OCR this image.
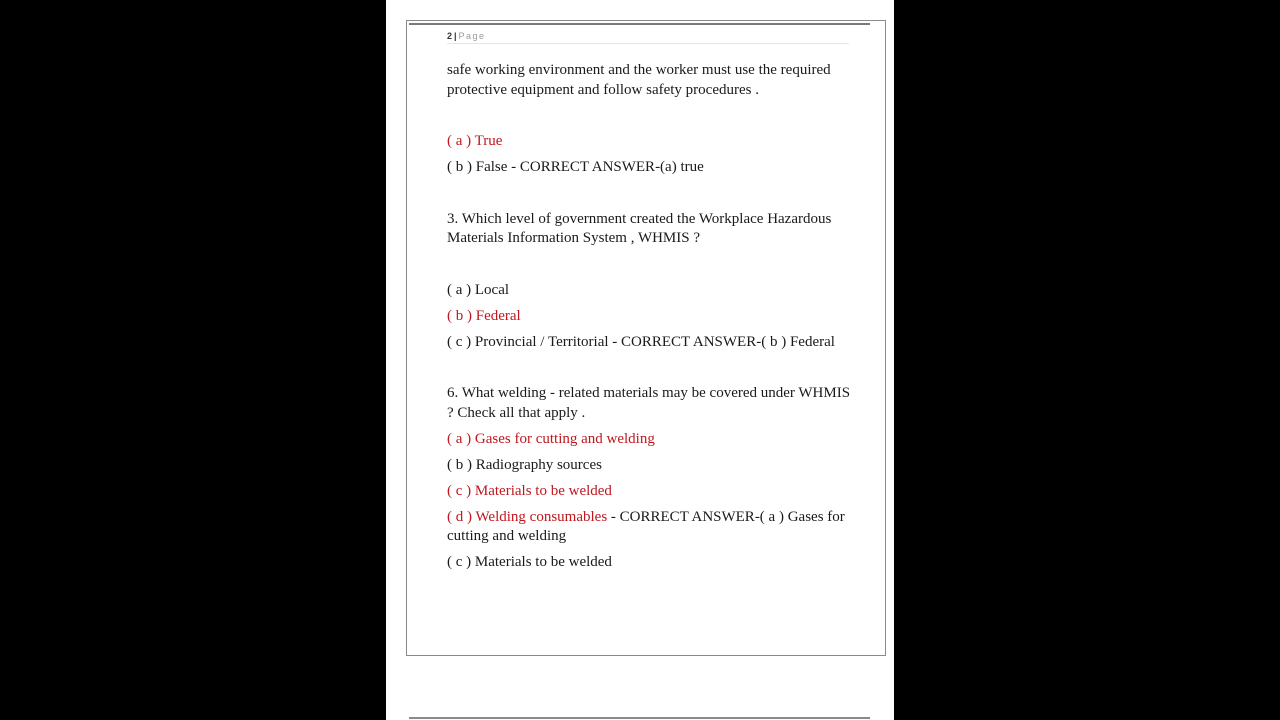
2 | Page

safe working environment and the worker must use the required protective equipment and follow safety procedures .

( a ) True

( b ) False - CORRECT ANSWER-(a) true

3. Which level of government created the Workplace Hazardous Materials Information System , WHMIS ?

( a ) Local

( b ) Federal

( c ) Provincial / Territorial - CORRECT ANSWER-( b ) Federal

6. What welding - related materials may be covered under WHMIS ? Check all that apply .

( a ) Gases for cutting and welding

( b ) Radiography sources

( c ) Materials to be welded

( d ) Welding consumables - CORRECT ANSWER-( a ) Gases for cutting and welding

( c ) Materials to be welded
